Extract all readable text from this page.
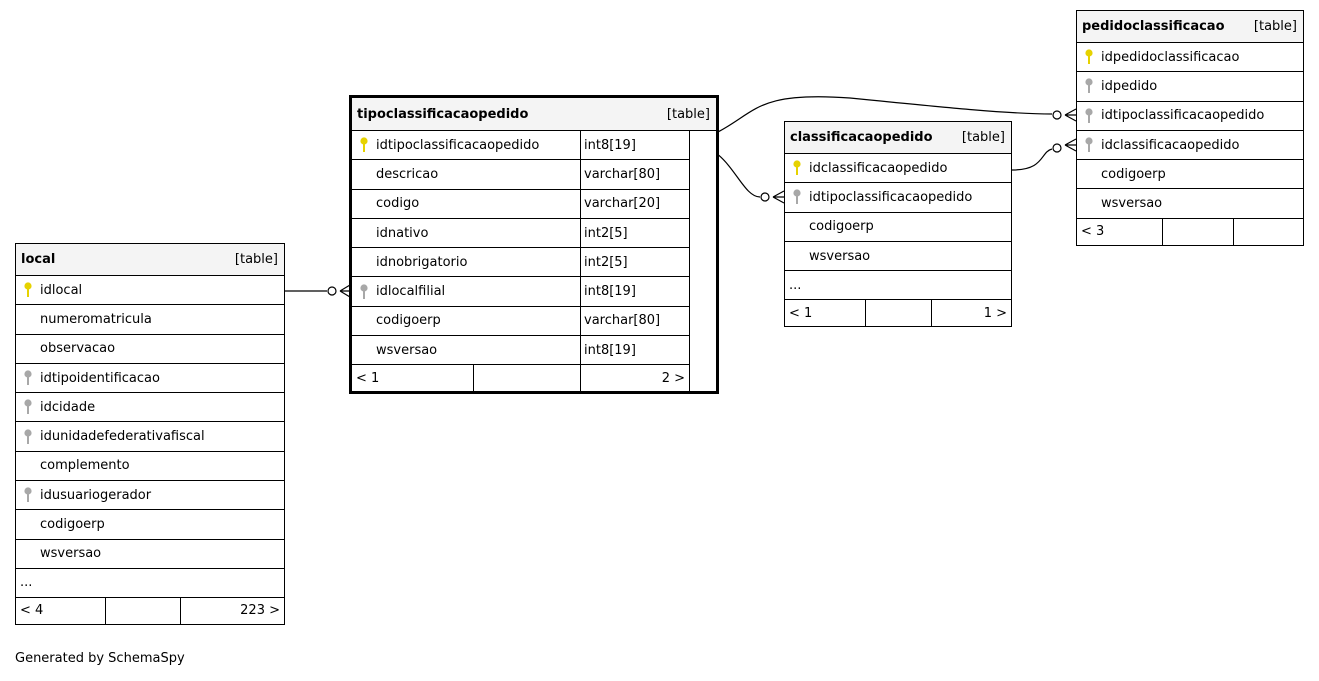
local	[table]
idlocal
numeromatricula
observacao
idtipoidentificacao
idcidade
idunidadefederativafiscal
complemento
idusuariogerador
codigoerp
wsversao
...
< 4	223 >
tipoclassificacaopedido	[table]
idtipoclassificacaopedido	int8[19]
descricao	varchar[80]
codigo	varchar[20]
idnativo	int2[5]
idnobrigatorio	int2[5]
idlocalfilial	int8[19]
codigoerp	varchar[80]
wsversao	int8[19]
< 1	2 >
classificacaopedido [table]
idclassificacaopedido
idtipoclassificacaopedido
codigoerp
wsversao
...
< 1	1 >
pedidoclassificacao [table]
idpedidoclassificacao
idpedido
idtipoclassificacaopedido
idclassificacaopedido
codigoerp
wsversao
< 3
Generated by SchemaSpy
